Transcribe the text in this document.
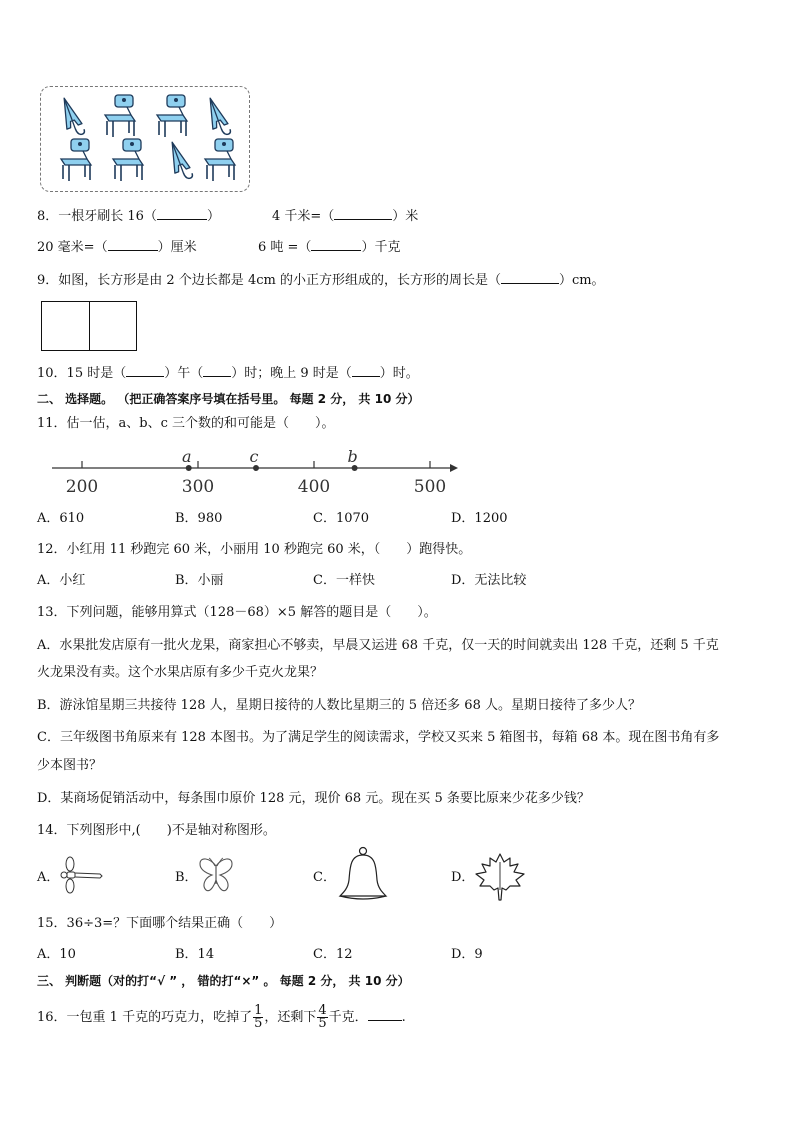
8．一根牙刷长 16（	）	4 千米=（	）米
20 毫米=（	）厘米	6 吨 =（	）千克
9．如图，长方形是由 2 个边长都是 4cm 的小正方形组成的，长方形的周长是（	）cm。
10．15 时是（	）午（ ）时；晚上 9 时是（ ）时。
二、 选择题。 （把正确答案序号填在括号里。 每题 2 分， 共 10 分）
11．估一估，a、b、c 三个数的和可能是（　　）。
200	300	400	500
a	c	b
A．610	B．980	C．1070	D．1200
12．小红用 11 秒跑完 60 米，小丽用 10 秒跑完 60 米，（　　）跑得快。
A．小红	B．小丽	C．一样快	D．无法比较
13．下列问题，能够用算式（128－68）×5 解答的题目是（　　）。
A．水果批发店原有一批火龙果，商家担心不够卖，早晨又运进 68 千克，仅一天的时间就卖出 128 千克，还剩 5 千克
火龙果没有卖。这个水果店原有多少千克火龙果？
B．游泳馆星期三共接待 128 人，星期日接待的人数比星期三的 5 倍还多 68 人。星期日接待了多少人？
C．三年级图书角原来有 128 本图书。为了满足学生的阅读需求，学校又买来 5 箱图书，每箱 68 本。现在图书角有多
少本图书？
D．某商场促销活动中，每条围巾原价 128 元，现价 68 元。现在买 5 条要比原来少花多少钱？
14．下列图形中,(　　)不是轴对称图形。
A．	B．	C．	D．
15．36÷3=？下面哪个结果正确（　　）
A．10	B．14	C．12	D．9
三、 判断题（对的打“√ ” ， 错的打“×” 。 每题 2 分， 共 10 分）
16．一包重 1 千克的巧克力，吃掉了 $\frac{1}{5}$ ，还剩下 $\frac{4}{5}$ 千克．	.
